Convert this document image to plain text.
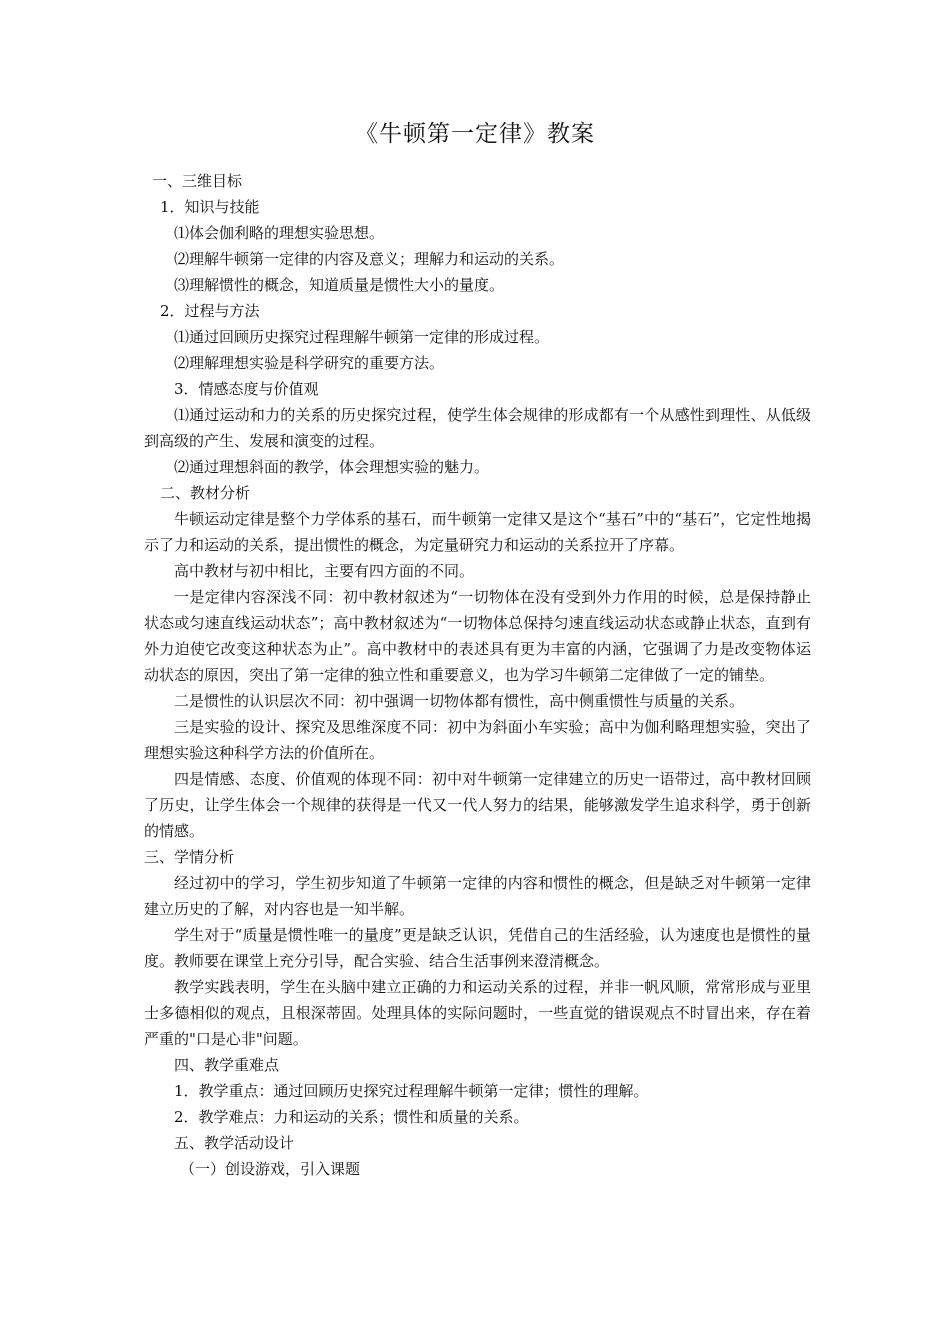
《牛顿第一定律》教案

一、三维目标

1．知识与技能

⑴体会伽利略的理想实验思想。

⑵理解牛顿第一定律的内容及意义；理解力和运动的关系。

⑶理解惯性的概念，知道质量是惯性大小的量度。

2．过程与方法

⑴通过回顾历史探究过程理解牛顿第一定律的形成过程。

⑵理解理想实验是科学研究的重要方法。

3．情感态度与价值观

⑴通过运动和力的关系的历史探究过程，使学生体会规律的形成都有一个从感性到理性、从低级到高级的产生、发展和演变的过程。

⑵通过理想斜面的教学，体会理想实验的魅力。

二、教材分析

牛顿运动定律是整个力学体系的基石，而牛顿第一定律又是这个“基石”中的“基石”，它定性地揭示了力和运动的关系，提出惯性的概念，为定量研究力和运动的关系拉开了序幕。

高中教材与初中相比，主要有四方面的不同。

一是定律内容深浅不同：初中教材叙述为“一切物体在没有受到外力作用的时候，总是保持静止状态或匀速直线运动状态”；高中教材叙述为“一切物体总保持匀速直线运动状态或静止状态，直到有外力迫使它改变这种状态为止”。高中教材中的表述具有更为丰富的内涵，它强调了力是改变物体运动状态的原因，突出了第一定律的独立性和重要意义，也为学习牛顿第二定律做了一定的铺垫。

二是惯性的认识层次不同：初中强调一切物体都有惯性，高中侧重惯性与质量的关系。

三是实验的设计、探究及思维深度不同：初中为斜面小车实验；高中为伽利略理想实验，突出了理想实验这种科学方法的价值所在。

四是情感、态度、价值观的体现不同：初中对牛顿第一定律建立的历史一语带过，高中教材回顾了历史，让学生体会一个规律的获得是一代又一代人努力的结果，能够激发学生追求科学，勇于创新的情感。

三、学情分析

经过初中的学习，学生初步知道了牛顿第一定律的内容和惯性的概念，但是缺乏对牛顿第一定律建立历史的了解，对内容也是一知半解。

学生对于“质量是惯性唯一的量度”更是缺乏认识，凭借自己的生活经验，认为速度也是惯性的量度。教师要在课堂上充分引导，配合实验、结合生活事例来澄清概念。

教学实践表明，学生在头脑中建立正确的力和运动关系的过程，并非一帆风顺，常常形成与亚里士多德相似的观点，且根深蒂固。处理具体的实际问题时，一些直觉的错误观点不时冒出来，存在着严重的"口是心非"问题。

四、教学重难点

1．教学重点：通过回顾历史探究过程理解牛顿第一定律；惯性的理解。

2．教学难点：力和运动的关系；惯性和质量的关系。

五、教学活动设计

（一）创设游戏，引入课题
